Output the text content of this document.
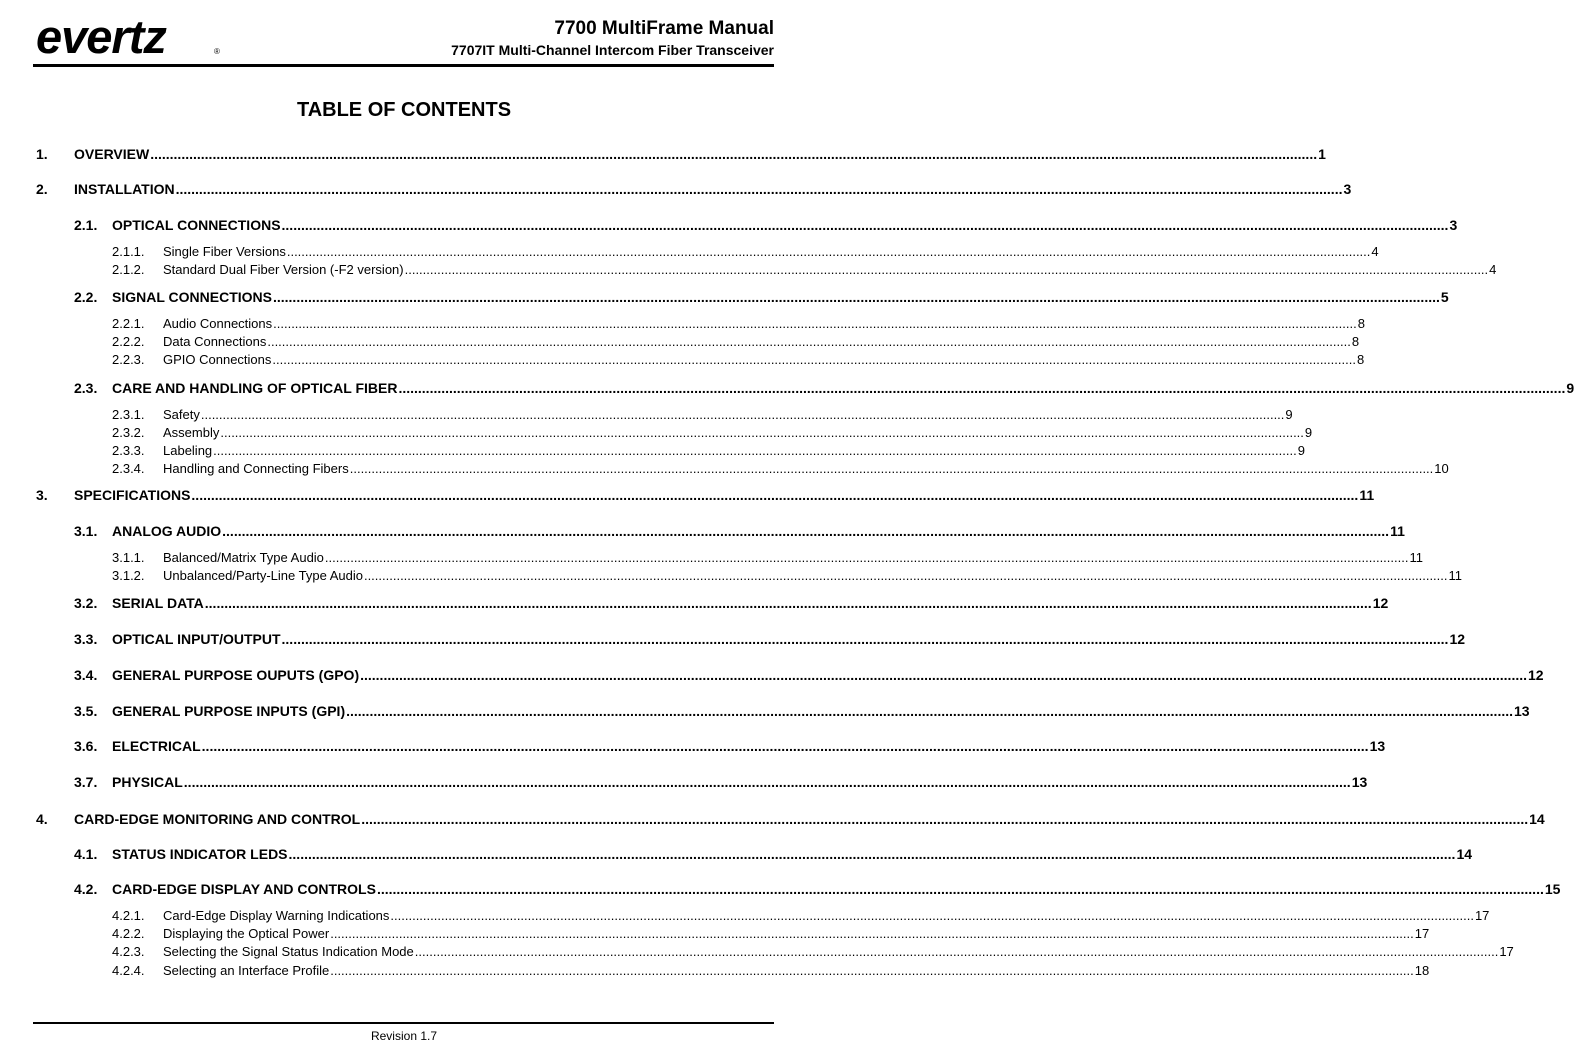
evertz	®
7700 MultiFrame Manual
7707IT Multi-Channel Intercom Fiber Transceiver
TABLE OF CONTENTS
1.	OVERVIEW ............................................................................................................................................................................................................................................................................................................ 1
2.	INSTALLATION ............................................................................................................................................................................................................................................................................................................ 3
2.1.	OPTICAL CONNECTIONS ............................................................................................................................................................................................................................................................................................................ 3
2.1.1.	Single Fiber Versions ............................................................................................................................................................................................................................................................................................................ 4
2.1.2.	Standard Dual Fiber Version (-F2 version) ............................................................................................................................................................................................................................................................................................................ 4
2.2.	SIGNAL CONNECTIONS ............................................................................................................................................................................................................................................................................................................ 5
2.2.1.	Audio Connections ............................................................................................................................................................................................................................................................................................................ 8
2.2.2.	Data Connections ............................................................................................................................................................................................................................................................................................................ 8
2.2.3.	GPIO Connections ............................................................................................................................................................................................................................................................................................................ 8
2.3.	CARE AND HANDLING OF OPTICAL FIBER ............................................................................................................................................................................................................................................................................................................ 9
2.3.1.	Safety ............................................................................................................................................................................................................................................................................................................ 9
2.3.2.	Assembly ............................................................................................................................................................................................................................................................................................................ 9
2.3.3.	Labeling ............................................................................................................................................................................................................................................................................................................ 9
2.3.4.	Handling and Connecting Fibers ............................................................................................................................................................................................................................................................................................................ 10
3.	SPECIFICATIONS ............................................................................................................................................................................................................................................................................................................ 11
3.1.	ANALOG AUDIO ............................................................................................................................................................................................................................................................................................................ 11
3.1.1.	Balanced/Matrix Type Audio ............................................................................................................................................................................................................................................................................................................ 11
3.1.2.	Unbalanced/Party-Line Type Audio ............................................................................................................................................................................................................................................................................................................ 11
3.2.	SERIAL DATA ............................................................................................................................................................................................................................................................................................................ 12
3.3.	OPTICAL INPUT/OUTPUT ............................................................................................................................................................................................................................................................................................................ 12
3.4.	GENERAL PURPOSE OUPUTS (GPO) ............................................................................................................................................................................................................................................................................................................ 12
3.5.	GENERAL PURPOSE INPUTS (GPI) ............................................................................................................................................................................................................................................................................................................ 13
3.6.	ELECTRICAL ............................................................................................................................................................................................................................................................................................................ 13
3.7.	PHYSICAL ............................................................................................................................................................................................................................................................................................................ 13
4.	CARD-EDGE MONITORING AND CONTROL ............................................................................................................................................................................................................................................................................................................ 14
4.1.	STATUS INDICATOR LEDS ............................................................................................................................................................................................................................................................................................................ 14
4.2.	CARD-EDGE DISPLAY AND CONTROLS ............................................................................................................................................................................................................................................................................................................ 15
4.2.1.	Card-Edge Display Warning Indications ............................................................................................................................................................................................................................................................................................................ 17
4.2.2.	Displaying the Optical Power ............................................................................................................................................................................................................................................................................................................ 17
4.2.3.	Selecting the Signal Status Indication Mode ............................................................................................................................................................................................................................................................................................................ 17
4.2.4.	Selecting an Interface Profile ............................................................................................................................................................................................................................................................................................................ 18
Revision 1.7
